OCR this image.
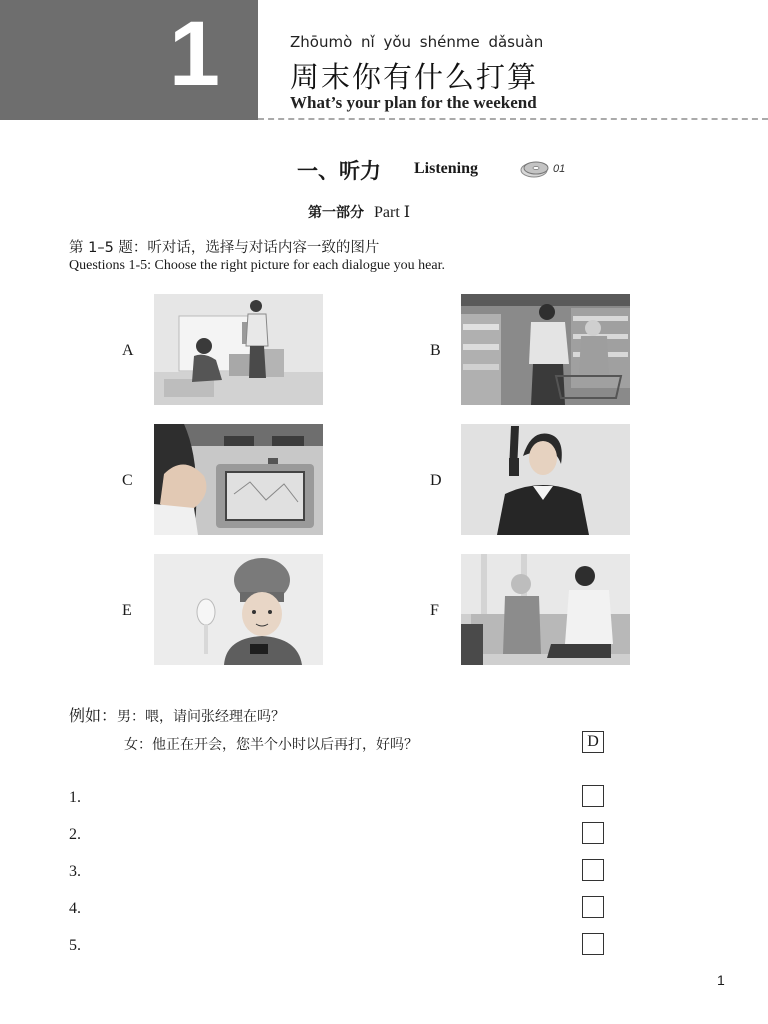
1	Zhōumò nǐ yǒu shénme dǎsuàn
周末你有什么打算
What’s your plan for the weekend
一、听力 Listening	01
第一部分 Part Ⅰ
第 1–5 题：听对话，选择与对话内容一致的图片
Questions 1-5: Choose the right picture for each dialogue you hear.
A	B
C	D
E	F
例如：男：喂，请问张经理在吗？
女：他正在开会，您半个小时以后再打，好吗？	D
1.
2.
3.
4.
5.
1
